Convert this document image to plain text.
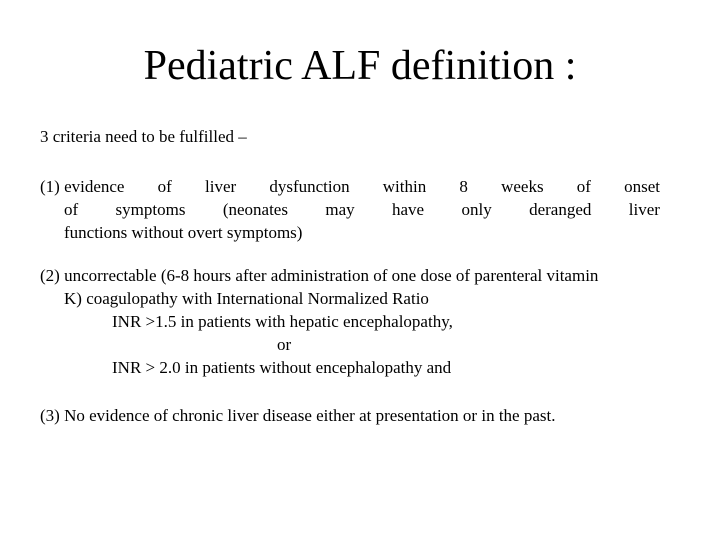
Pediatric ALF definition :
3 criteria need to be fulfilled –
(1) evidence of liver dysfunction within 8 weeks of onset
of symptoms (neonates may have only deranged liver
functions without overt symptoms)
(2) uncorrectable (6-8 hours after administration of one dose of parenteral vitamin
K) coagulopathy with International Normalized Ratio
INR >1.5 in patients with hepatic encephalopathy,
or
INR > 2.0 in patients without encephalopathy and
(3) No evidence of chronic liver disease either at presentation or in the past.
